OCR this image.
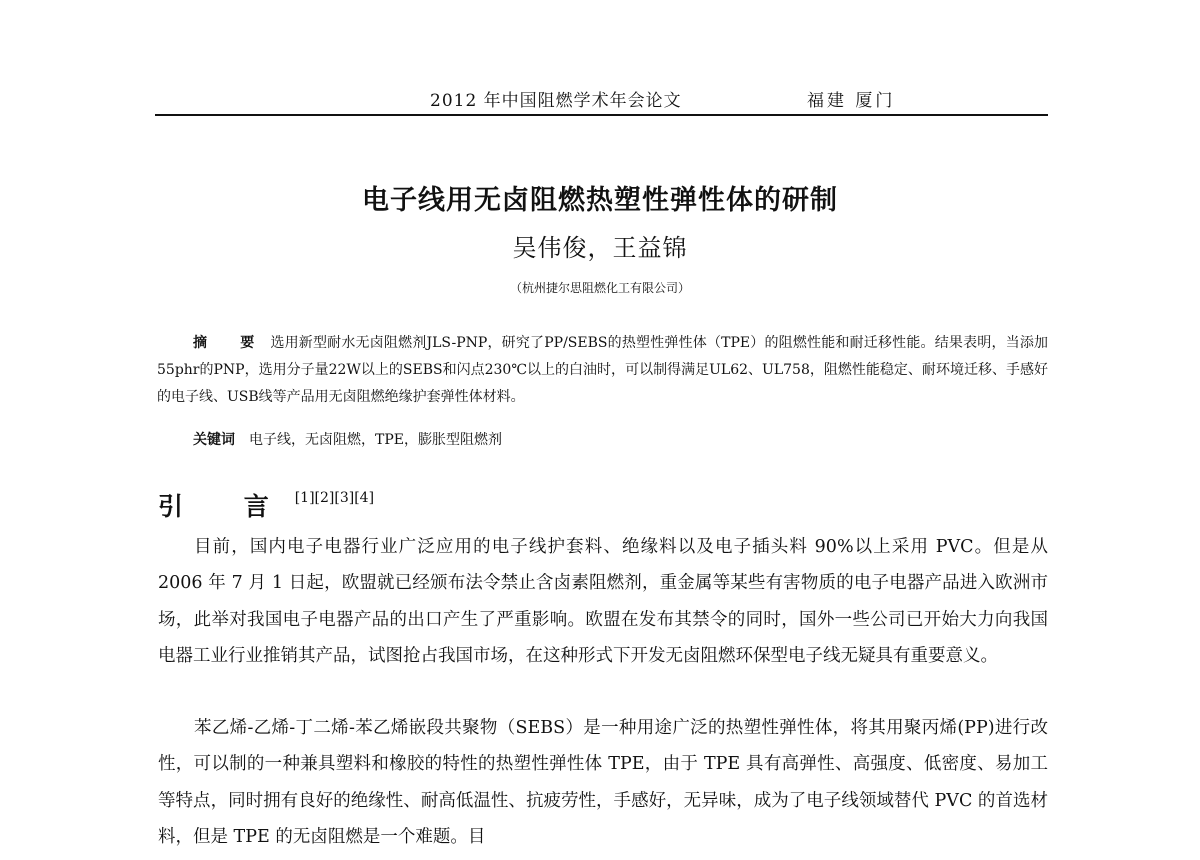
2012 年中国阻燃学术年会论文	福建 厦门
电子线用无卤阻燃热塑性弹性体的研制
吴伟俊，王益锦
（杭州捷尔思阻燃化工有限公司）

摘 要 选用新型耐水无卤阻燃剂JLS-PNP，研究了PP/SEBS的热塑性弹性体（TPE）的阻燃性能和耐迁移性能。结果表明，当添加55phr的PNP，选用分子量22W以上的SEBS和闪点230℃以上的白油时，可以制得满足UL62、UL758，阻燃性能稳定、耐环境迁移、手感好的电子线、USB线等产品用无卤阻燃绝缘护套弹性体材料。

关键词 电子线，无卤阻燃，TPE，膨胀型阻燃剂
引 言[1][2][3][4]

目前，国内电子电器行业广泛应用的电子线护套料、绝缘料以及电子插头料 90%以上采用 PVC。但是从 2006 年 7 月 1 日起，欧盟就已经颁布法令禁止含卤素阻燃剂，重金属等某些有害物质的电子电器产品进入欧洲市场，此举对我国电子电器产品的出口产生了严重影响。欧盟在发布其禁令的同时，国外一些公司已开始大力向我国电器工业行业推销其产品，试图抢占我国市场，在这种形式下开发无卤阻燃环保型电子线无疑具有重要意义。

苯乙烯-乙烯-丁二烯-苯乙烯嵌段共聚物（SEBS）是一种用途广泛的热塑性弹性体，将其用聚丙烯(PP)进行改性，可以制的一种兼具塑料和橡胶的特性的热塑性弹性体 TPE，由于 TPE 具有高弹性、高强度、低密度、易加工等特点，同时拥有良好的绝缘性、耐高低温性、抗疲劳性，手感好，无异味，成为了电子线领域替代 PVC 的首选材料，但是 TPE 的无卤阻燃是一个难题。目
